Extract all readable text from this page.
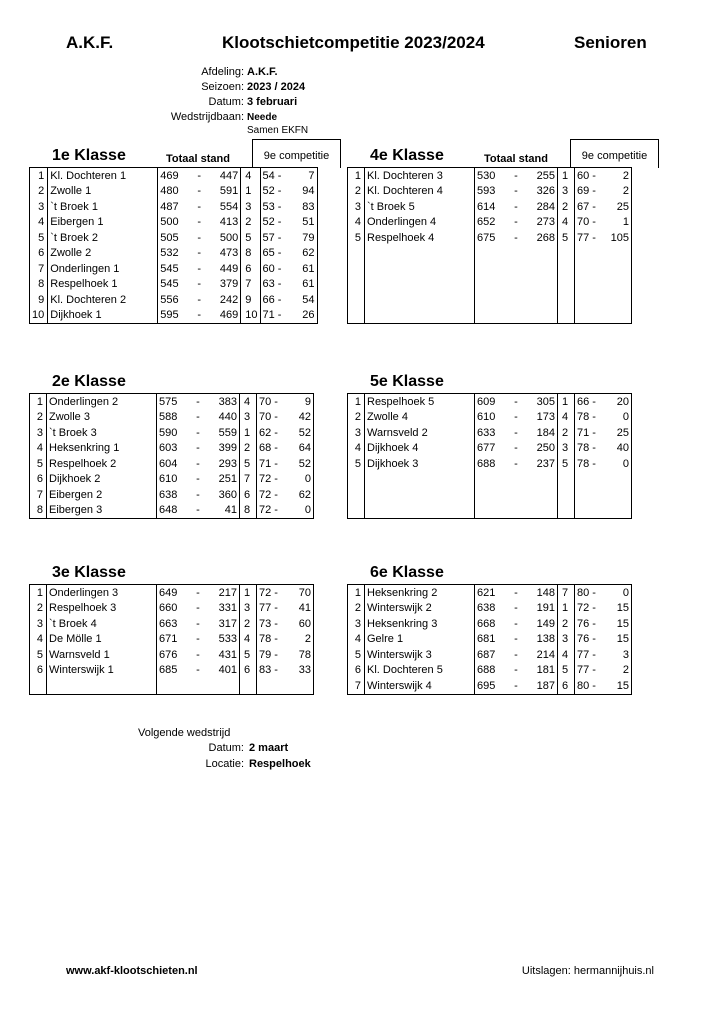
A.K.F.	Klootschietcompetitie 2023/2024	Senioren
Afdeling: A.K.F.
Seizoen: 2023 / 2024
Datum: 3 februari
Wedstrijdbaan: Neede
Samen EKFN
1e Klasse	Totaal stand	9e competitie
1	Kl. Dochteren 1	469	-	447	4	54 -	7
2	Zwolle 1	480	-	591	1	52 -	94
3	`t Broek 1	487	-	554	3	53 -	83
4	Eibergen 1	500	-	413	2	52 -	51
5	`t Broek 2	505	-	500	5	57 -	79
6	Zwolle 2	532	-	473	8	65 -	62
7	Onderlingen 1	545	-	449	6	60 -	61
8	Respelhoek 1	545	-	379	7	63 -	61
9	Kl. Dochteren 2	556	-	242	9	66 -	54
10	Dijkhoek 1	595	-	469	10	71 -	26
4e Klasse	Totaal stand	9e competitie
1	Kl. Dochteren 3	530	-	255	1	60 -	2
2	Kl. Dochteren 4	593	-	326	3	69 -	2
3	`t Broek 5	614	-	284	2	67 -	25
4	Onderlingen 4	652	-	273	4	70 -	1
5	Respelhoek 4	675	-	268	5	77 -	105

2e Klasse
1	Onderlingen 2	575	-	383	4	70 -	9
2	Zwolle 3	588	-	440	3	70 -	42
3	`t Broek 3	590	-	559	1	62 -	52
4	Heksenkring 1	603	-	399	2	68 -	64
5	Respelhoek 2	604	-	293	5	71 -	52
6	Dijkhoek 2	610	-	251	7	72 -	0
7	Eibergen 2	638	-	360	6	72 -	62
8	Eibergen 3	648	-	41	8	72 -	0
5e Klasse
1	Respelhoek 5	609	-	305	1	66 -	20
2	Zwolle 4	610	-	173	4	78 -	0
3	Warnsveld 2	633	-	184	2	71 -	25
4	Dijkhoek 4	677	-	250	3	78 -	40
5	Dijkhoek 3	688	-	237	5	78 -	0

3e Klasse
1	Onderlingen 3	649	-	217	1	72 -	70
2	Respelhoek 3	660	-	331	3	77 -	41
3	`t Broek 4	663	-	317	2	73 -	60
4	De Mölle 1	671	-	533	4	78 -	2
5	Warnsveld 1	676	-	431	5	79 -	78
6	Winterswijk 1	685	-	401	6	83 -	33

6e Klasse
1	Heksenkring 2	621	-	148	7	80 -	0
2	Winterswijk 2	638	-	191	1	72 -	15
3	Heksenkring 3	668	-	149	2	76 -	15
4	Gelre 1	681	-	138	3	76 -	15
5	Winterswijk 3	687	-	214	4	77 -	3
6	Kl. Dochteren 5	688	-	181	5	77 -	2
7	Winterswijk 4	695	-	187	6	80 -	15
Volgende wedstrijd
Datum: 2 maart
Locatie: Respelhoek
www.akf-klootschieten.nl	Uitslagen: hermannijhuis.nl
